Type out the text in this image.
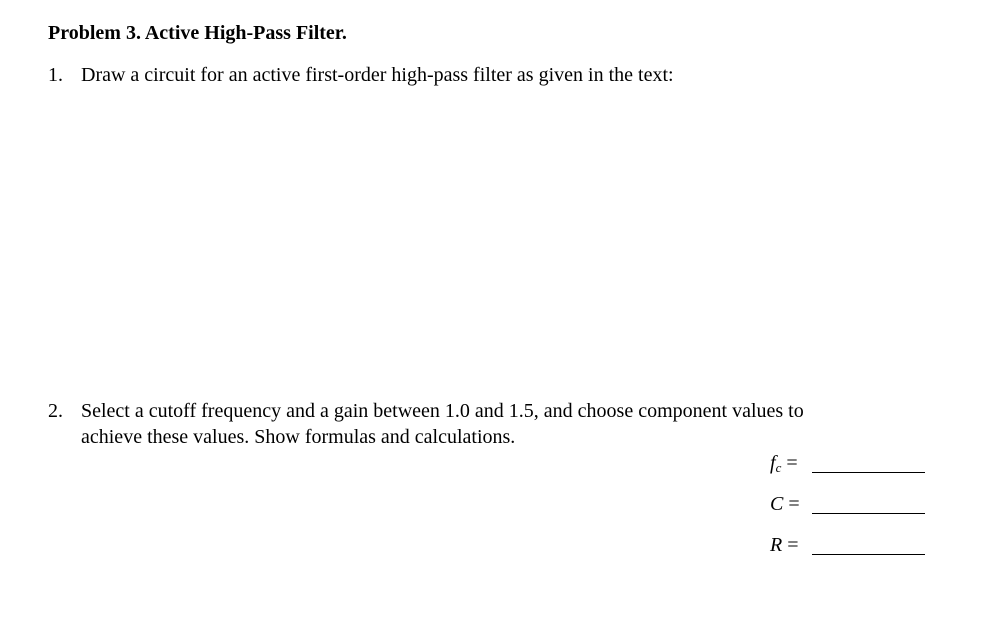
Problem 3. Active High-Pass Filter.
1. Draw a circuit for an active first-order high-pass filter as given in the text:
2. Select a cutoff frequency and a gain between 1.0 and 1.5, and choose component values to
achieve these values. Show formulas and calculations.
$f_c$ =
C =
R =
